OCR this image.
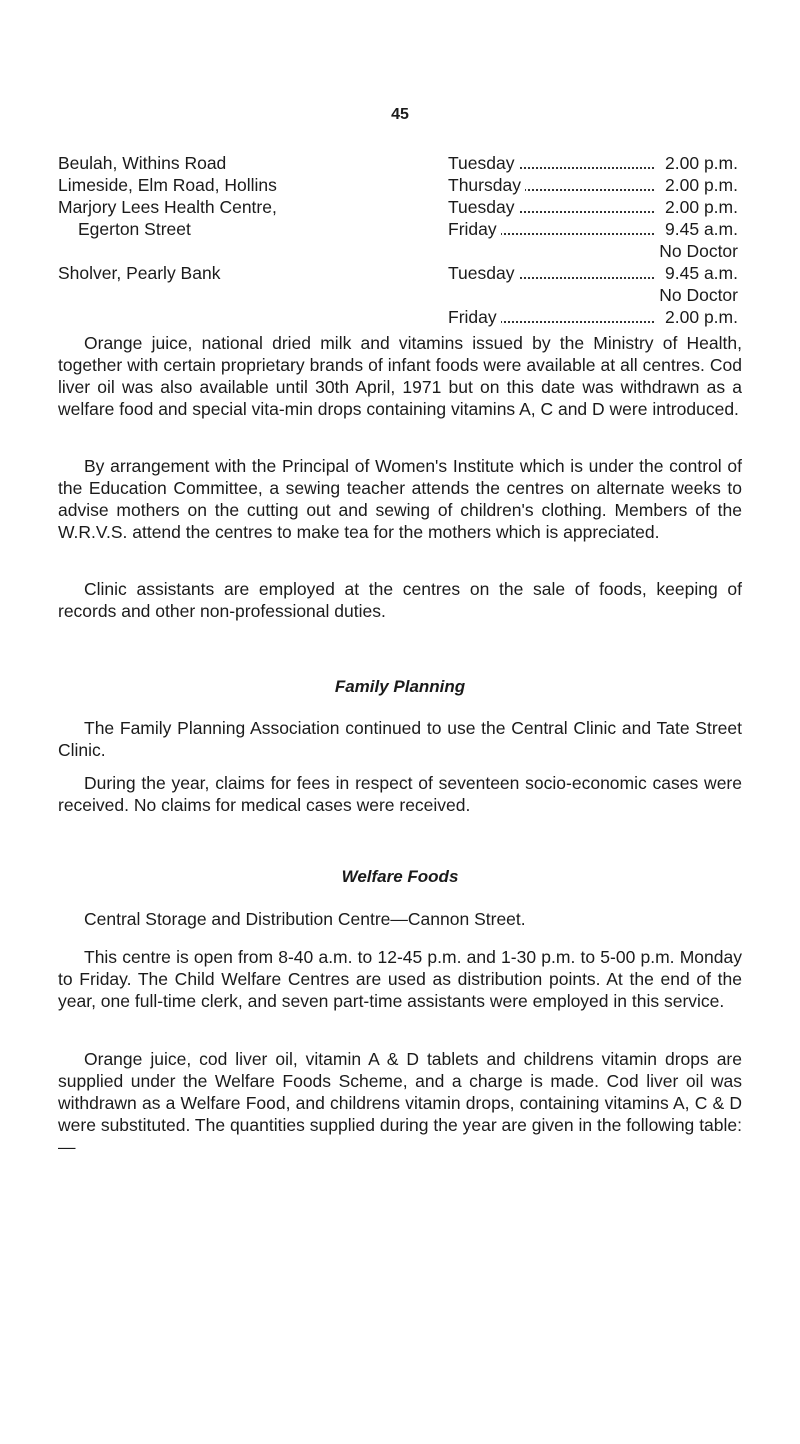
45
Beulah, Withins Road	Tuesday	2.00 p.m.
Limeside, Elm Road, Hollins	Thursday	2.00 p.m.
Marjory Lees Health Centre,	Tuesday	2.00 p.m.
Egerton Street	Friday	9.45 a.m.
No Doctor
Sholver, Pearly Bank	Tuesday	9.45 a.m.
No Doctor
Friday	2.00 p.m.

Orange juice, national dried milk and vitamins issued by the Ministry of Health, together with certain proprietary brands of infant foods were available at all centres. Cod liver oil was also available until 30th April, 1971 but on this date was withdrawn as a welfare food and special vita-min drops containing vitamins A, C and D were introduced.

By arrangement with the Principal of Women's Institute which is under the control of the Education Committee, a sewing teacher attends the centres on alternate weeks to advise mothers on the cutting out and sewing of children's clothing. Members of the W.R.V.S. attend the centres to make tea for the mothers which is appreciated.

Clinic assistants are employed at the centres on the sale of foods, keeping of records and other non-professional duties.

Family Planning

The Family Planning Association continued to use the Central Clinic and Tate Street Clinic.

During the year, claims for fees in respect of seventeen socio-economic cases were received. No claims for medical cases were received.

Welfare Foods

Central Storage and Distribution Centre—Cannon Street.

This centre is open from 8-40 a.m. to 12-45 p.m. and 1-30 p.m. to 5-00 p.m. Monday to Friday. The Child Welfare Centres are used as distribution points. At the end of the year, one full-time clerk, and seven part-time assistants were employed in this service.

Orange juice, cod liver oil, vitamin A & D tablets and childrens vitamin drops are supplied under the Welfare Foods Scheme, and a charge is made. Cod liver oil was withdrawn as a Welfare Food, and childrens vitamin drops, containing vitamins A, C & D were substituted. The quantities supplied during the year are given in the following table:—
